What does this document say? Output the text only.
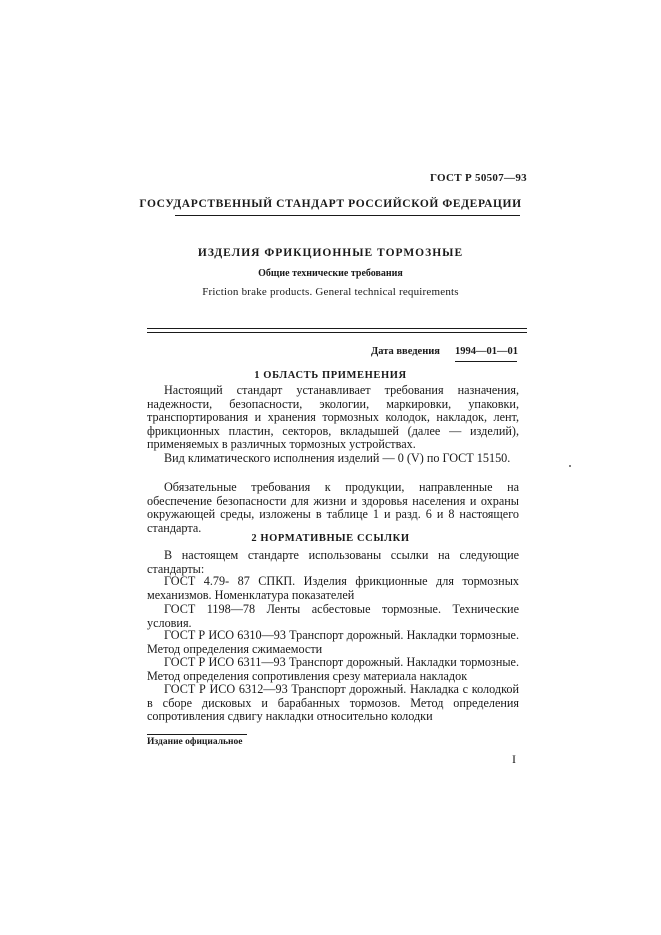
ГОСТ Р 50507—93
ГОСУДАРСТВЕННЫЙ СТАНДАРТ РОССИЙСКОЙ ФЕДЕРАЦИИ
ИЗДЕЛИЯ ФРИКЦИОННЫЕ ТОРМОЗНЫЕ
Общие технические требования
Friction brake products. General technical requirements
Дата введения 1994—01—01
1 ОБЛАСТЬ ПРИМЕНЕНИЯ

Настоящий стандарт устанавливает требования назначения, надежности, безопасности, экологии, маркировки, упаковки, транспортирования и хранения тормозных колодок, накладок, лент, фрикционных пластин, секторов, вкладышей (далее — изделий), применяемых в различных тормозных устройствах.

Вид климатического исполнения изделий — 0 (V) по ГОСТ 15150.

Обязательные требования к продукции, направленные на обеспечение безопасности для жизни и здоровья населения и охраны окружающей среды, изложены в таблице 1 и разд. 6 и 8 настоящего стандарта.

2 НОРМАТИВНЫЕ ССЫЛКИ

В настоящем стандарте использованы ссылки на следующие стандарты:

ГОСТ 4.79- 87 СПКП. Изделия фрикционные для тормозных механизмов. Номенклатура показателей

ГОСТ 1198—78 Ленты асбестовые тормозные. Технические условия.

ГОСТ Р ИСО 6310—93 Транспорт дорожный. Накладки тормозные. Метод определения сжимаемости

ГОСТ Р ИСО 6311—93 Транспорт дорожный. Накладки тормозные. Метод определения сопротивления срезу материала накладок

ГОСТ Р ИСО 6312—93 Транспорт дорожный. Накладка с колодкой в сборе дисковых и барабанных тормозов. Метод определения сопротивления сдвигу накладки относительно колодки

Издание официальное
I
